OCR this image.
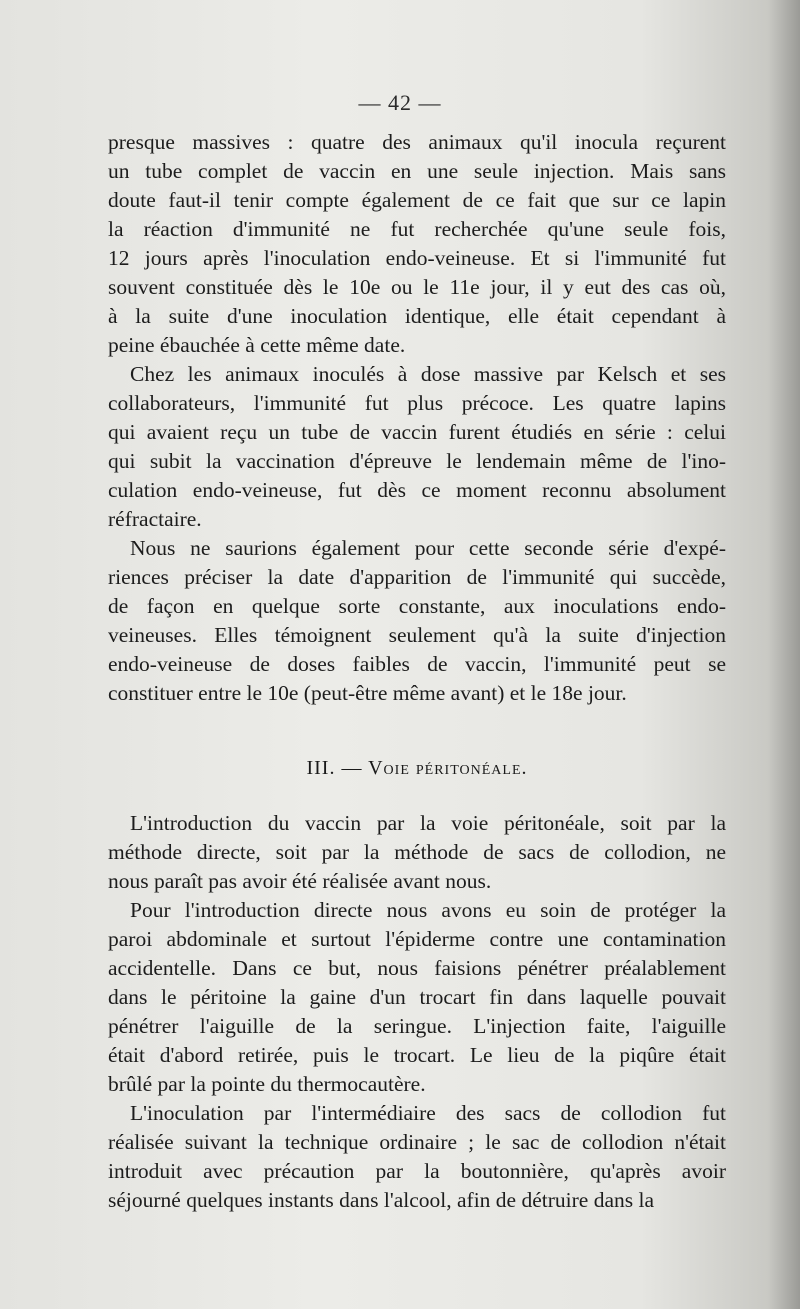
— 42 —

presque massives : quatre des animaux qu'il inocula reçurent

un tube complet de vaccin en une seule injection. Mais sans

doute faut-il tenir compte également de ce fait que sur ce lapin

la réaction d'immunité ne fut recherchée qu'une seule fois,

12 jours après l'inoculation endo-veineuse. Et si l'immunité fut

souvent constituée dès le 10e ou le 11e jour, il y eut des cas où,

à la suite d'une inoculation identique, elle était cependant à

peine ébauchée à cette même date.

Chez les animaux inoculés à dose massive par Kelsch et ses

collaborateurs, l'immunité fut plus précoce. Les quatre lapins

qui avaient reçu un tube de vaccin furent étudiés en série : celui

qui subit la vaccination d'épreuve le lendemain même de l'ino-

culation endo-veineuse, fut dès ce moment reconnu absolument

réfractaire.

Nous ne saurions également pour cette seconde série d'expé-

riences préciser la date d'apparition de l'immunité qui succède,

de façon en quelque sorte constante, aux inoculations endo-

veineuses. Elles témoignent seulement qu'à la suite d'injection

endo-veineuse de doses faibles de vaccin, l'immunité peut se

constituer entre le 10e (peut-être même avant) et le 18e jour.

III. — Voie péritonéale.

L'introduction du vaccin par la voie péritonéale, soit par la

méthode directe, soit par la méthode de sacs de collodion, ne

nous paraît pas avoir été réalisée avant nous.

Pour l'introduction directe nous avons eu soin de protéger la

paroi abdominale et surtout l'épiderme contre une contamination

accidentelle. Dans ce but, nous faisions pénétrer préalablement

dans le péritoine la gaine d'un trocart fin dans laquelle pouvait

pénétrer l'aiguille de la seringue. L'injection faite, l'aiguille

était d'abord retirée, puis le trocart. Le lieu de la piqûre était

brûlé par la pointe du thermocautère.

L'inoculation par l'intermédiaire des sacs de collodion fut

réalisée suivant la technique ordinaire ; le sac de collodion n'était

introduit avec précaution par la boutonnière, qu'après avoir

séjourné quelques instants dans l'alcool, afin de détruire dans la
